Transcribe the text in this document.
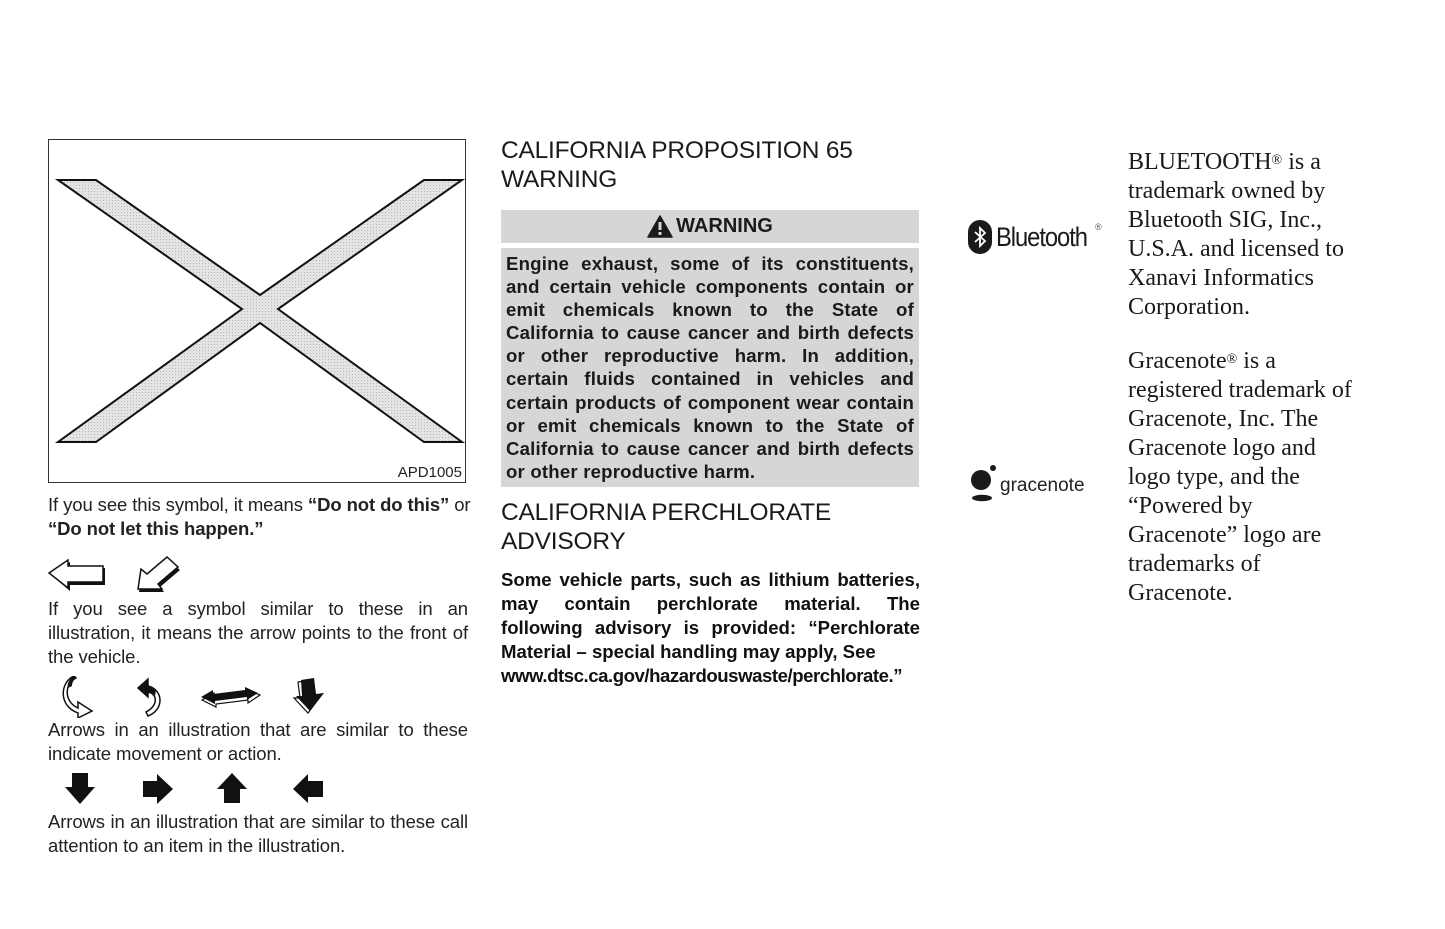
APD1005
If you see this symbol, it means “Do not do this” or “Do not let this happen.”
If you see a symbol similar to these in an illustration, it means the arrow points to the front of the vehicle.
Arrows in an illustration that are similar to these indicate movement or action.
Arrows in an illustration that are similar to these call attention to an item in the illustration.
CALIFORNIA PROPOSITION 65
WARNING
WARNING
Engine exhaust, some of its constituents, and certain vehicle components contain or emit chemicals known to the State of California to cause cancer and birth defects or other reproductive harm. In addition, certain fluids contained in vehicles and certain products of component wear contain or emit chemicals known to the State of California to cause cancer and birth defects or other reproductive harm.
CALIFORNIA PERCHLORATE
ADVISORY
Some vehicle parts, such as lithium batteries, may contain perchlorate material. The following advisory is provided: “Perchlorate Material – special handling may apply, See
www.dtsc.ca.gov/hazardouswaste/perchlorate.”
Bluetooth ®
BLUETOOTH® is a
trademark owned by
Bluetooth SIG, Inc.,
U.S.A. and licensed to
Xanavi Informatics
Corporation.
gracenote
Gracenote® is a
registered trademark of
Gracenote, Inc. The
Gracenote logo and
logo type, and the
“Powered by
Gracenote” logo are
trademarks of
Gracenote.
